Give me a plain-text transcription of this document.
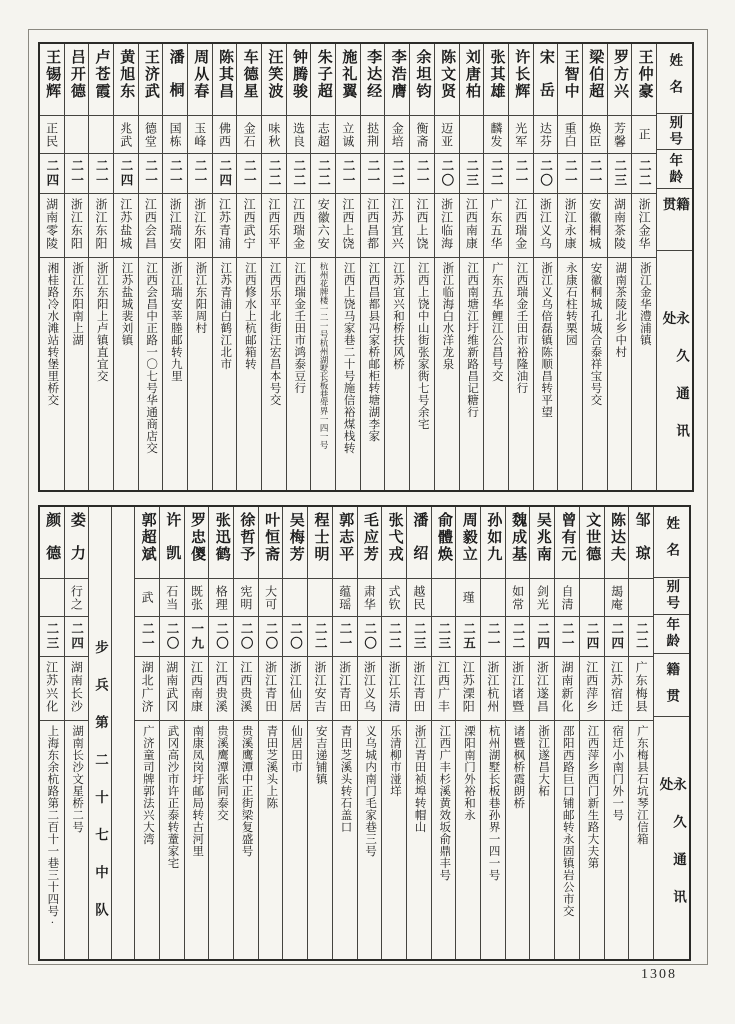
姓名
别号
年龄
籍贯
永久通讯处
王仲豪
正
二二
浙江金华
浙江金华澧浦镇
罗方兴
芳馨
二三
湖南茶陵
湖南茶陵北乡中村
梁伯超
焕臣
二一
安徽桐城
安徽桐城孔城合泰祥宝号交
王智中
重白
二一
浙江永康
永康石柱转栗园
宋岳
达芬
二〇
浙江义乌
浙江义乌倍磊镇陈顺昌转平望
许长辉
光军
二一
江西瑞金
江西瑞金壬田市裕隆油行
张其雄
麟发
二二
广东五华
广东五华鲤江公昌号交
刘唐柏
二三
江西南康
江西南塘江圩维新路昌记糖行
陈文贤
迈亚
二〇
浙江临海
浙江临海白水洋龙泉
余坦钧
衡斋
二一
江西上饶
江西上饶中山街张家衖七号余宅
李浩膺
金培
二二
江苏宜兴
江苏宜兴和桥扶风桥
李达经
挞荆
二一
江西昌都
江西昌都县冯家桥邮柜转塘湖李家
施礼翼
立诚
二一
江西上饶
江西上饶马家巷二十号施信裕煤栈转
朱子超
志超
二二
安徽六安
杭州花牌楼一二一号杭州湖墅长板巷斝界一四一号
钟腾骏
选良
二二
江西瑞金
江西瑞金壬田市鸿泰豆行
汪笑波
味秋
二二
江西乐平
江西乐平北街汪宏昌本号交
车德星
金石
二一
江西武宁
江西修水上杭邮箱转
陈其昌
佛西
二四
江苏青浦
江苏青浦白鹤江北市
周从春
玉峰
二一
浙江东阳
浙江东阳周村
潘桐
国栋
二一
浙江瑞安
浙江瑞安莘塍邮转九里
王济武
德堂
二一
江西会昌
江西会昌中正路一〇七号华通商店交
黄旭东
兆武
二四
江苏盐城
江苏盐城裴刘镇
卢苍霞
二一
浙江东阳
浙江东阳上卢镇直宜交
吕开德
二一
浙江东阳
浙江东阳南上湖
王锡辉
正民
二四
湖南零陵
湘桂路冷水滩站转堡里桥交
姓名
别号
年龄
籍贯
永久通讯处
邹琼
二二
广东梅县
广东梅县石坑琴江信箱
陈达夫
朅庵
二四
江苏宿迁
宿迁小南门外一号
文世德
二四
江西萍乡
江西萍乡西门新生路大夫第
曾有元
自清
二一
湖南新化
邵阳西路巨口铺邮转永固镇岩公市交
吴兆南
剑光
二四
浙江遂昌
浙江遂昌大柘
魏成基
如常
二二
浙江诸暨
诸暨枫桥霞朗桥
孙如九
二一
浙江杭州
杭州湖墅长板巷孙界一四一号
周毅立
瑾
二五
江苏溧阳
溧阳南门外裕和永
俞體焕
二三
江西广丰
江西广丰杉溪黄效坂俞鼎丰号
潘绍
越民
二三
浙江青田
浙江青田祯埠转帽山
张弋戎
式钦
二二
浙江乐清
乐清柳市湴垟
毛应芳
肃华
二〇
浙江义乌
义乌城内南门毛家巷三号
郭志平
蕴瑶
二一
浙江青田
青田芝溪头转石盖口
程士明
二二
浙江安吉
安吉递铺镇
吴梅芳
二〇
浙江仙居
仙居田市
叶恒斋
大可
二〇
浙江青田
青田芝溪头上陈
徐哲予
宪明
二〇
江西贵溪
贵溪鹰潭中正街梁复盛号
张迅鹤
格理
二〇
江西贵溪
贵溪鹰潭张同泰交
罗忠儍
既张
一九
江西南康
南康凤岗圩邮局转古河里
许凯
石当
二〇
湖南武冈
武冈高沙市许正泰转蕫家宅
郭超斌
武
二一
湖北广济
广济童司牌郭法兴大湾
步兵第二十七中队
娄力
行之
二四
湖南长沙
湖南长沙文星桥二号
颜德
二三
江苏兴化
上海东余杭路第二百十一巷三十四号·
1308
